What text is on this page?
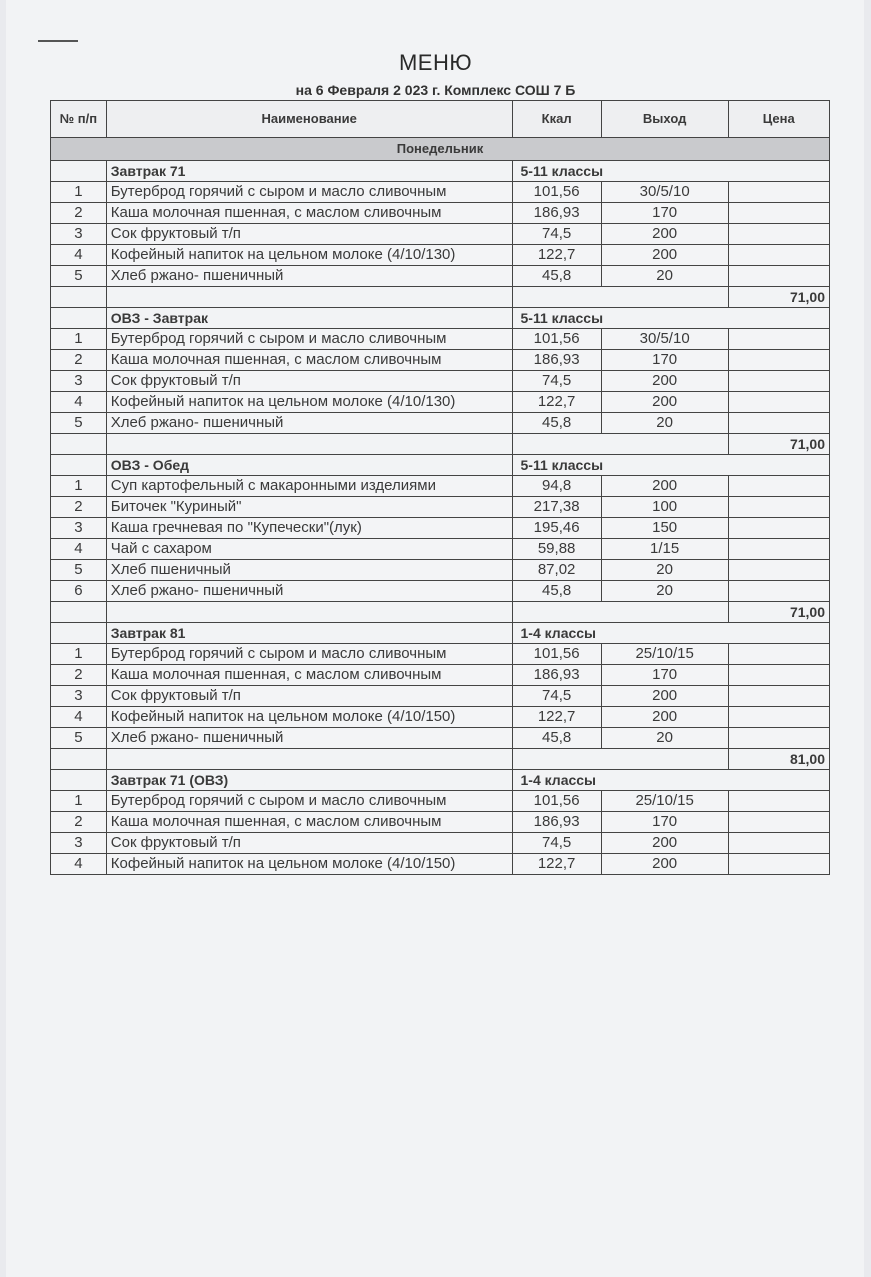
МЕНЮ
на 6 Февраля 2 023 г. Комплекс СОШ 7 Б
№ п/п	Наименование	Ккал	Выход	Цена
Понедельник				
	Завтрак 71	5-11 классы		
1	Бутерброд горячий с сыром и масло сливочным	101,56	30/5/10	
2	Каша молочная пшенная, с маслом сливочным	186,93	170	
3	Сок фруктовый т/п	74,5	200	
4	Кофейный напиток на цельном молоке (4/10/130)	122,7	200	
5	Хлеб ржано- пшеничный	45,8	20	
				71,00
	ОВЗ - Завтрак	5-11 классы		
1	Бутерброд горячий с сыром и масло сливочным	101,56	30/5/10	
2	Каша молочная пшенная, с маслом сливочным	186,93	170	
3	Сок фруктовый т/п	74,5	200	
4	Кофейный напиток на цельном молоке (4/10/130)	122,7	200	
5	Хлеб ржано- пшеничный	45,8	20	
				71,00
	ОВЗ - Обед	5-11 классы		
1	Суп картофельный с макаронными изделиями	94,8	200	
2	Биточек "Куриный"	217,38	100	
3	Каша гречневая по "Купечески"(лук)	195,46	150	
4	Чай с сахаром	59,88	1/15	
5	Хлеб пшеничный	87,02	20	
6	Хлеб ржано- пшеничный	45,8	20	
				71,00
	Завтрак 81	1-4 классы		
1	Бутерброд горячий с сыром и масло сливочным	101,56	25/10/15	
2	Каша молочная пшенная, с маслом сливочным	186,93	170	
3	Сок фруктовый т/п	74,5	200	
4	Кофейный напиток на цельном молоке (4/10/150)	122,7	200	
5	Хлеб ржано- пшеничный	45,8	20	
				81,00
	Завтрак 71 (ОВЗ)	1-4 классы		
1	Бутерброд горячий с сыром и масло сливочным	101,56	25/10/15	
2	Каша молочная пшенная, с маслом сливочным	186,93	170	
3	Сок фруктовый т/п	74,5	200	
4	Кофейный напиток на цельном молоке (4/10/150)	122,7	200	
